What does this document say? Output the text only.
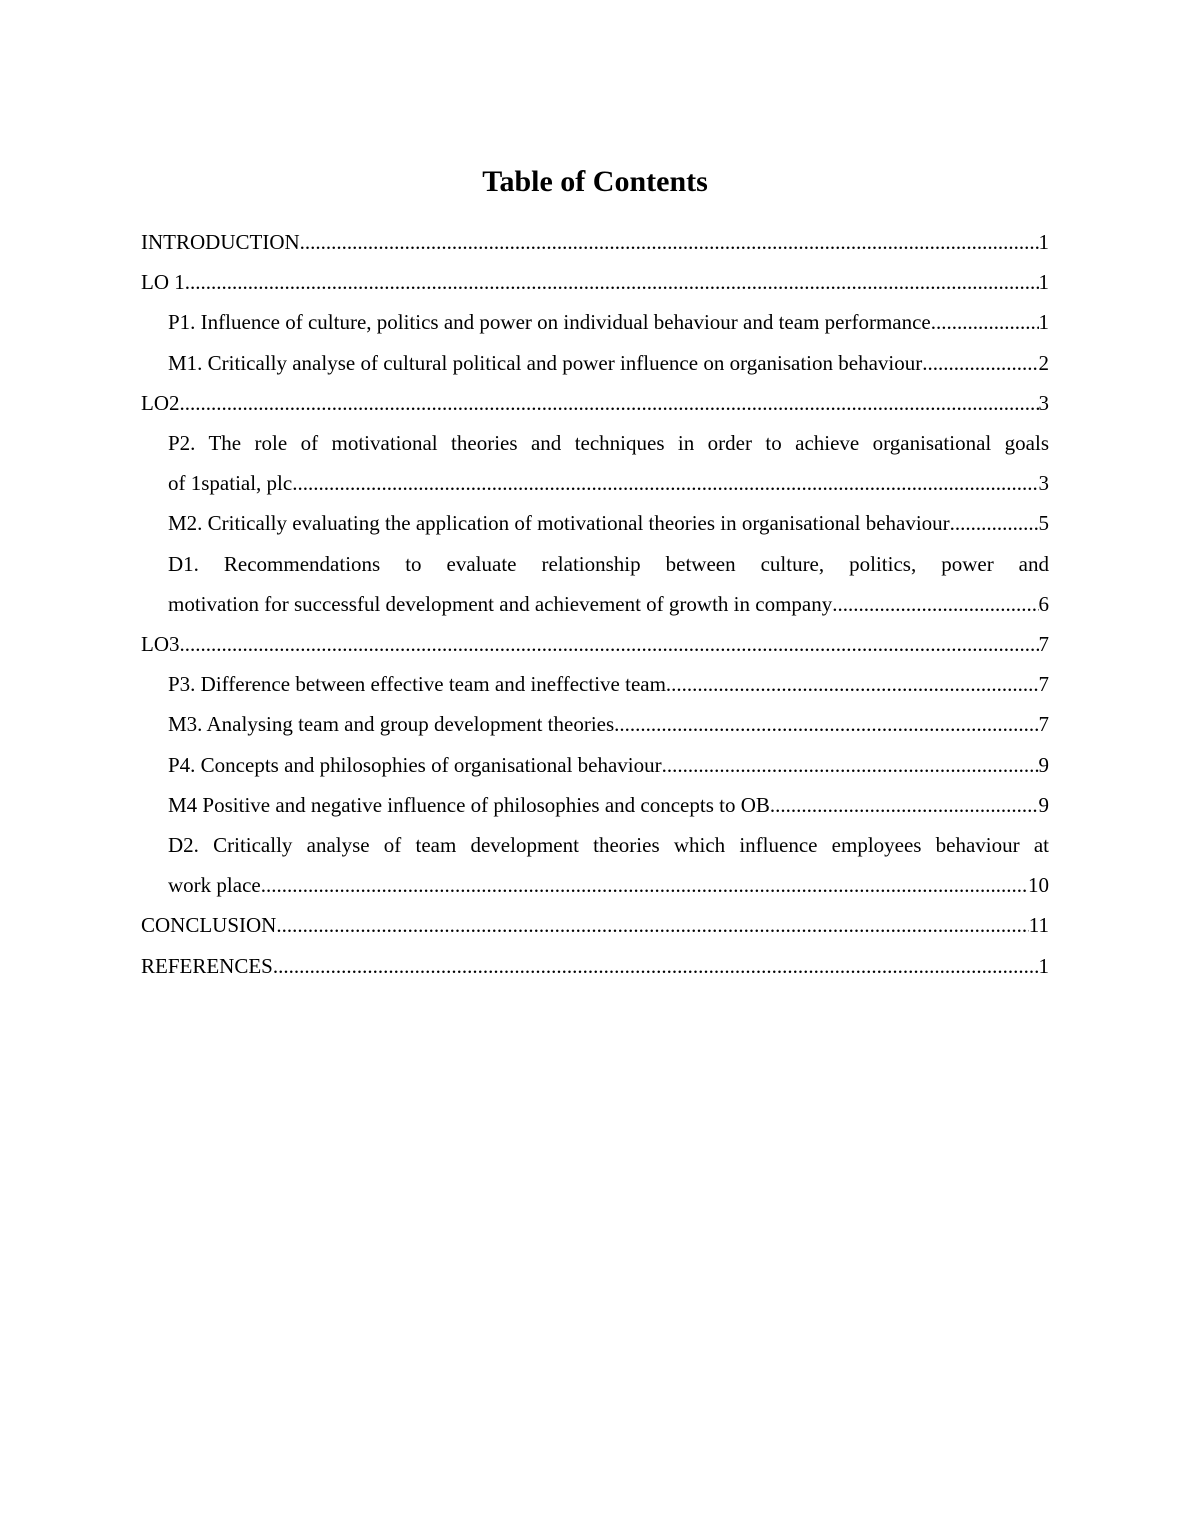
Table of Contents
INTRODUCTION .....	1
LO 1 .....	1
P1. Influence of culture, politics and power on individual behaviour and team performance .....	1
M1. Critically analyse of cultural political and power influence on organisation behaviour .....	2
LO2 .....	3
P2. The role of motivational theories and techniques in order to achieve organisational goals
of 1spatial, plc .....	3
M2. Critically evaluating the application of motivational theories in organisational behaviour .....	5
D1. Recommendations to evaluate relationship between culture, politics, power and
motivation for successful development and achievement of growth in company .....	6
LO3 .....	7
P3. Difference between effective team and ineffective team .....	7
M3. Analysing team and group development theories .....	7
P4. Concepts and philosophies of organisational behaviour .....	9
M4 Positive and negative influence of philosophies and concepts to OB .....	9
D2. Critically analyse of team development theories which influence employees behaviour at
work place .....	10
CONCLUSION .....	11
REFERENCES .....	1
